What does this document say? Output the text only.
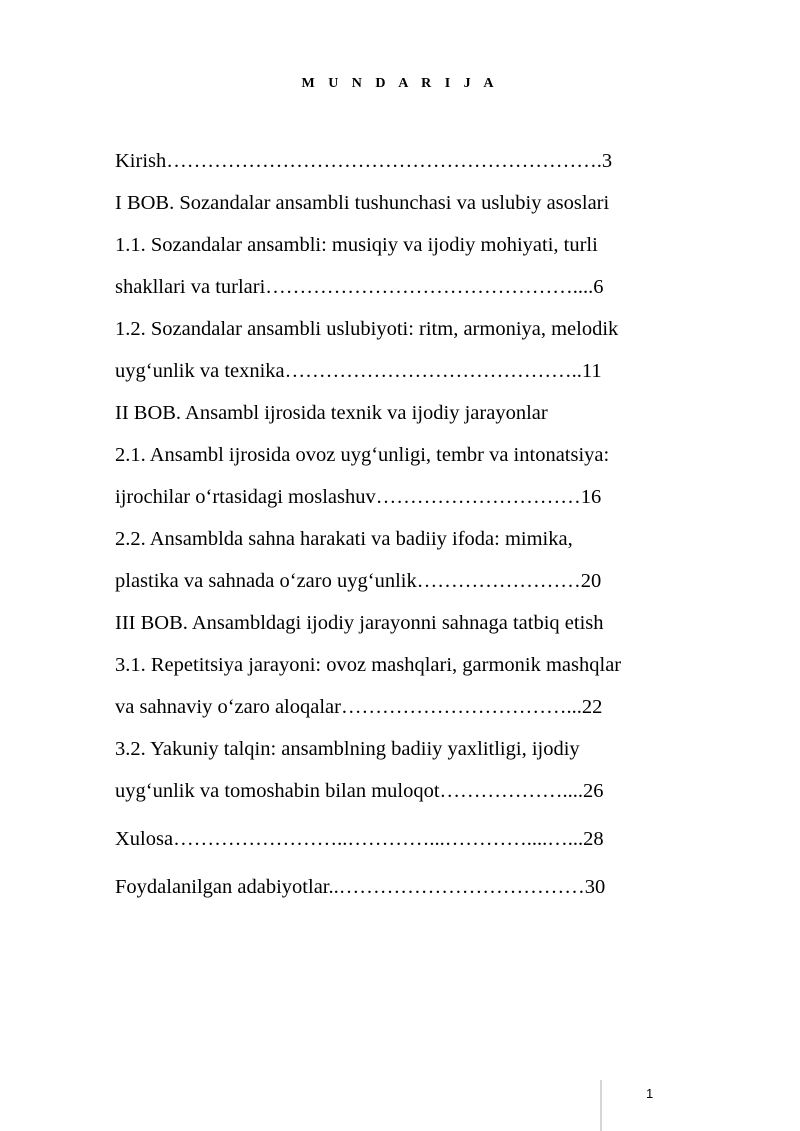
M U N D A R I J A
Kirish……………………………………………………….3
I BOB. Sozandalar ansambli tushunchasi va uslubiy asoslari
1.1. Sozandalar ansambli: musiqiy va ijodiy mohiyati, turli
shakllari va turlari………………………………………....6
1.2. Sozandalar ansambli uslubiyoti: ritm, armoniya, melodik
uyg‘unlik va texnika……………………………………..11
II BOB. Ansambl ijrosida texnik va ijodiy jarayonlar
2.1. Ansambl ijrosida ovoz uyg‘unligi, tembr va intonatsiya:
ijrochilar o‘rtasidagi moslashuv…………………………16
2.2. Ansamblda sahna harakati va badiiy ifoda: mimika,
plastika va sahnada o‘zaro uyg‘unlik……………………20
III BOB. Ansambldagi ijodiy jarayonni sahnaga tatbiq etish
3.1. Repetitsiya jarayoni: ovoz mashqlari, garmonik mashqlar
va sahnaviy o‘zaro aloqalar……………………………...22
3.2. Yakuniy talqin: ansamblning badiiy yaxlitligi, ijodiy
uyg‘unlik va tomoshabin bilan muloqot………………....26
Xulosa……………………..…………...…………....…...28
Foydalanilgan adabiyotlar..………………………………30
1
